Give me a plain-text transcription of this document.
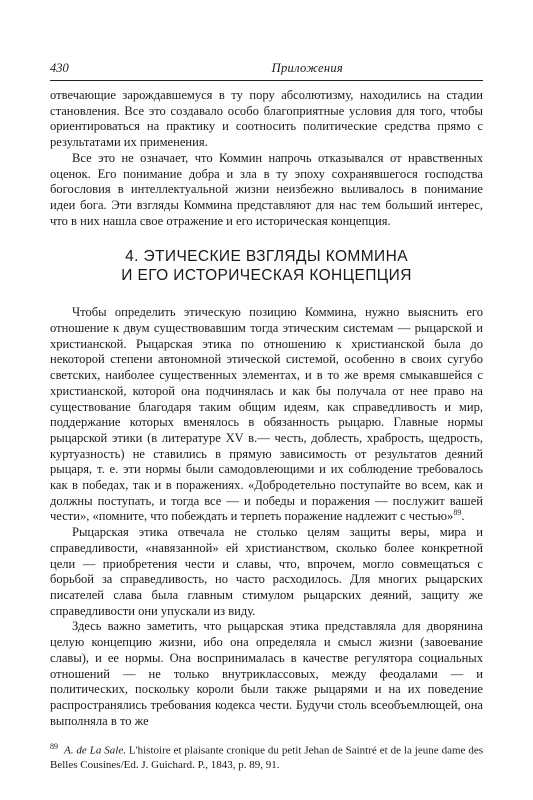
430	Приложения

отвечающие зарождавшемуся в ту пору абсолютизму, находились на стадии становления. Все это создавало особо благоприятные условия для того, чтобы ориентироваться на практику и соотносить политические средства прямо с результатами их применения.

Все это не означает, что Коммин напрочь отказывался от нравственных оценок. Его понимание добра и зла в ту эпоху сохранявшегося господства богословия в интеллектуальной жизни неизбежно выливалось в понимание идеи бога. Эти взгляды Коммина представляют для нас тем больший интерес, что в них нашла свое отражение и его историческая концепция.

4. ЭТИЧЕСКИЕ ВЗГЛЯДЫ КОММИНА
И ЕГО ИСТОРИЧЕСКАЯ КОНЦЕПЦИЯ

Чтобы определить этическую позицию Коммина, нужно выяснить его отношение к двум существовавшим тогда этическим системам — рыцарской и христианской. Рыцарская этика по отношению к христианской была до некоторой степени автономной этической системой, особенно в своих сугубо светских, наиболее существенных элементах, и в то же время смыкавшейся с христианской, которой она подчинялась и как бы получала от нее право на существование благодаря таким общим идеям, как справедливость и мир, поддержание которых вменялось в обязанность рыцарю. Главные нормы рыцарской этики (в литературе XV в.— честь, доблесть, храбрость, щедрость, куртуазность) не ставились в прямую зависимость от результатов деяний рыцаря, т. е. эти нормы были самодовлеющими и их соблюдение требовалось как в победах, так и в поражениях. «Добродетельно поступайте во всем, как и должны поступать, и тогда все — и победы и поражения — послужит вашей чести», «помните, что побеждать и терпеть поражение надлежит с честью»$^{89}$.

Рыцарская этика отвечала не столько целям защиты веры, мира и справедливости, «навязанной» ей христианством, сколько более конкретной цели — приобретения чести и славы, что, впрочем, могло совмещаться с борьбой за справедливость, но часто расходилось. Для многих рыцарских писателей слава была главным стимулом рыцарских деяний, защиту же справедливости они упускали из виду.

Здесь важно заметить, что рыцарская этика представляла для дворянина целую концепцию жизни, ибо она определяла и смысл жизни (завоевание славы), и ее нормы. Она воспринималась в качестве регулятора социальных отношений — не только внутриклассовых, между феодалами — и политических, поскольку короли были также рыцарями и на их поведение распространялись требования кодекса чести. Будучи столь всеобъемлющей, она выполняла в то же

$^{89}$ A. de La Sale. L'histoire et plaisante cronique du petit Jehan de Saintré et de la jeune dame des Belles Cousines/Ed. J. Guichard. P., 1843, p. 89, 91.
